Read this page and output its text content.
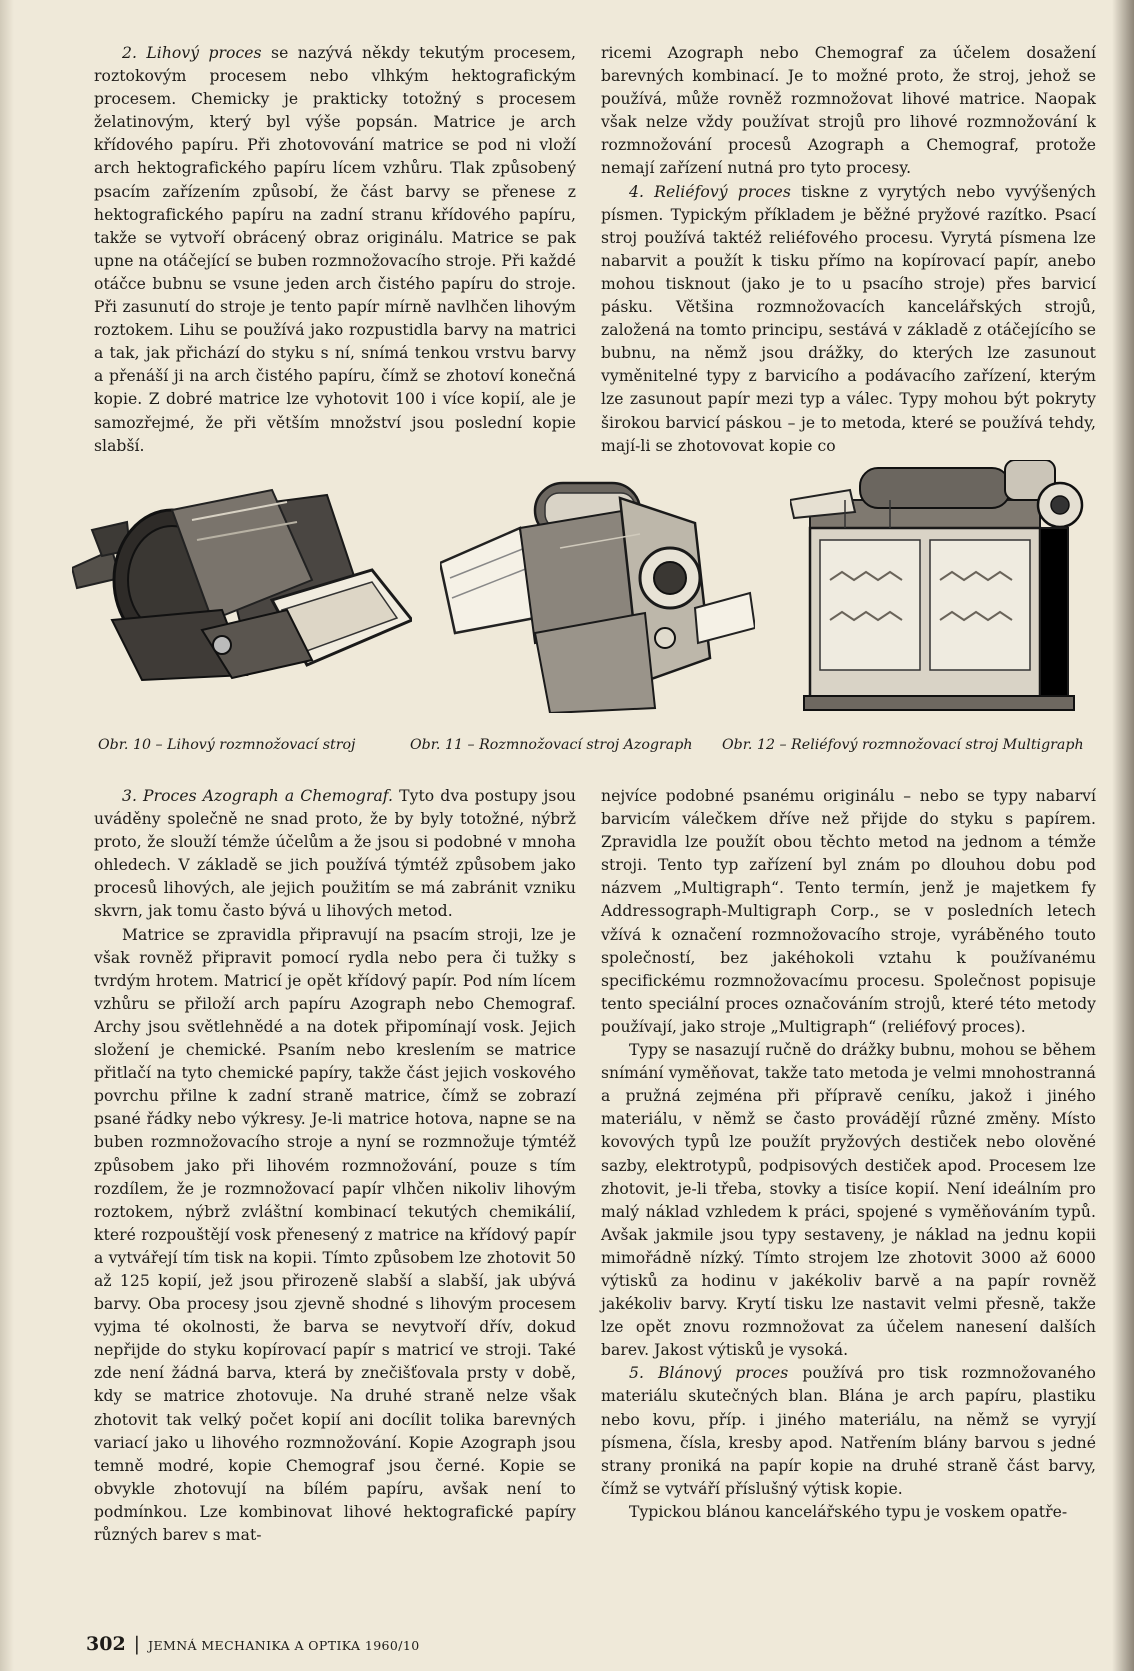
2. Lihový proces se nazývá někdy tekutým procesem, roztokovým procesem nebo vlhkým hektografickým procesem. Chemicky je prakticky totožný s procesem želatinovým, který byl výše popsán. Matrice je arch křídového papíru. Při zhotovování matrice se pod ni vloží arch hektografického papíru lícem vzhůru. Tlak způsobený psacím zařízením způsobí, že část barvy se přenese z hektografického papíru na zadní stranu křídového papíru, takže se vytvoří obrácený obraz originálu. Matrice se pak upne na otáčející se buben rozmnožovacího stroje. Při každé otáčce bubnu se vsune jeden arch čistého papíru do stroje. Při zasunutí do stroje je tento papír mírně navlhčen lihovým roztokem. Lihu se používá jako rozpustidla barvy na matrici a tak, jak přichází do styku s ní, snímá tenkou vrstvu barvy a přenáší ji na arch čistého papíru, čímž se zhotoví konečná kopie. Z dobré matrice lze vyhotovit 100 i více kopií, ale je samozřejmé, že při větším množství jsou poslední kopie slabší.

ricemi Azograph nebo Chemograf za účelem dosažení barevných kombinací. Je to možné proto, že stroj, jehož se používá, může rovněž rozmnožovat lihové matrice. Naopak však nelze vždy používat strojů pro lihové rozmnožování k rozmnožování procesů Azograph a Chemograf, protože nemají zařízení nutná pro tyto procesy.

4. Reliéfový proces tiskne z vyrytých nebo vyvýšených písmen. Typickým příkladem je běžné pryžové razítko. Psací stroj používá taktéž reliéfového procesu. Vyrytá písmena lze nabarvit a použít k tisku přímo na kopírovací papír, anebo mohou tisknout (jako je to u psacího stroje) přes barvicí pásku. Většina rozmnožovacích kancelářských strojů, založená na tomto principu, sestává v základě z otáčejícího se bubnu, na němž jsou drážky, do kterých lze zasunout vyměnitelné typy z barvicího a podávacího zařízení, kterým lze zasunout papír mezi typ a válec. Typy mohou být pokryty širokou barvicí páskou – je to metoda, které se používá tehdy, mají-li se zhotovovat kopie co

Obr. 10 – Lihový rozmnožovací stroj	Obr. 11 – Rozmnožovací stroj Azograph Obr. 12 – Reliéfový rozmnožovací stroj Multigraph

3. Proces Azograph a Chemograf. Tyto dva postupy jsou uváděny společně ne snad proto, že by byly totožné, nýbrž proto, že slouží témže účelům a že jsou si podobné v mnoha ohledech. V základě se jich používá týmtéž způsobem jako procesů lihových, ale jejich použitím se má zabránit vzniku skvrn, jak tomu často bývá u lihových metod.

Matrice se zpravidla připravují na psacím stroji, lze je však rovněž připravit pomocí rydla nebo pera či tužky s tvrdým hrotem. Matricí je opět křídový papír. Pod ním lícem vzhůru se přiloží arch papíru Azograph nebo Chemograf. Archy jsou světlehnědé a na dotek připomínají vosk. Jejich složení je chemické. Psaním nebo kreslením se matrice přitlačí na tyto chemické papíry, takže část jejich voskového povrchu přilne k zadní straně matrice, čímž se zobrazí psané řádky nebo výkresy. Je-li matrice hotova, napne se na buben rozmnožovacího stroje a nyní se rozmnožuje týmtéž způsobem jako při lihovém rozmnožování, pouze s tím rozdílem, že je rozmnožovací papír vlhčen nikoliv lihovým roztokem, nýbrž zvláštní kombinací tekutých chemikálií, které rozpouštějí vosk přenesený z matrice na křídový papír a vytvářejí tím tisk na kopii. Tímto způsobem lze zhotovit 50 až 125 kopií, jež jsou přirozeně slabší a slabší, jak ubývá barvy. Oba procesy jsou zjevně shodné s lihovým procesem vyjma té okolnosti, že barva se nevytvoří dřív, dokud nepřijde do styku kopírovací papír s matricí ve stroji. Také zde není žádná barva, která by znečišťovala prsty v době, kdy se matrice zhotovuje. Na druhé straně nelze však zhotovit tak velký počet kopií ani docílit tolika barevných variací jako u lihového rozmnožování. Kopie Azograph jsou temně modré, kopie Chemograf jsou černé. Kopie se obvykle zhotovují na bílém papíru, avšak není to podmínkou. Lze kombinovat lihové hektografické papíry různých barev s mat-

nejvíce podobné psanému originálu – nebo se typy nabarví barvicím válečkem dříve než přijde do styku s papírem. Zpravidla lze použít obou těchto metod na jednom a témže stroji. Tento typ zařízení byl znám po dlouhou dobu pod názvem „Multigraph“. Tento termín, jenž je majetkem fy Addressograph-Multigraph Corp., se v posledních letech vžívá k označení rozmnožovacího stroje, vyráběného touto společností, bez jakéhokoli vztahu k používanému specifickému rozmnožovacímu procesu. Společnost popisuje tento speciální proces označováním strojů, které této metody používají, jako stroje „Multigraph“ (reliéfový proces).

Typy se nasazují ručně do drážky bubnu, mohou se během snímání vyměňovat, takže tato metoda je velmi mnohostranná a pružná zejména při přípravě ceníku, jakož i jiného materiálu, v němž se často provádějí různé změny. Místo kovových typů lze použít pryžových destiček nebo olověné sazby, elektrotypů, podpisových destiček apod. Procesem lze zhotovit, je-li třeba, stovky a tisíce kopií. Není ideálním pro malý náklad vzhledem k práci, spojené s vyměňováním typů. Avšak jakmile jsou typy sestaveny, je náklad na jednu kopii mimořádně nízký. Tímto strojem lze zhotovit 3000 až 6000 výtisků za hodinu v jakékoliv barvě a na papír rovněž jakékoliv barvy. Krytí tisku lze nastavit velmi přesně, takže lze opět znovu rozmnožovat za účelem nanesení dalších barev. Jakost výtisků je vysoká.

5. Blánový proces používá pro tisk rozmnožovaného materiálu skutečných blan. Blána je arch papíru, plastiku nebo kovu, příp. i jiného materiálu, na němž se vyryjí písmena, čísla, kresby apod. Natřením blány barvou s jedné strany proniká na papír kopie na druhé straně část barvy, čímž se vytváří příslušný výtisk kopie.

Typickou blánou kancelářského typu je voskem opatře-

302 | JEMNÁ MECHANIKA A OPTIKA 1960/10
